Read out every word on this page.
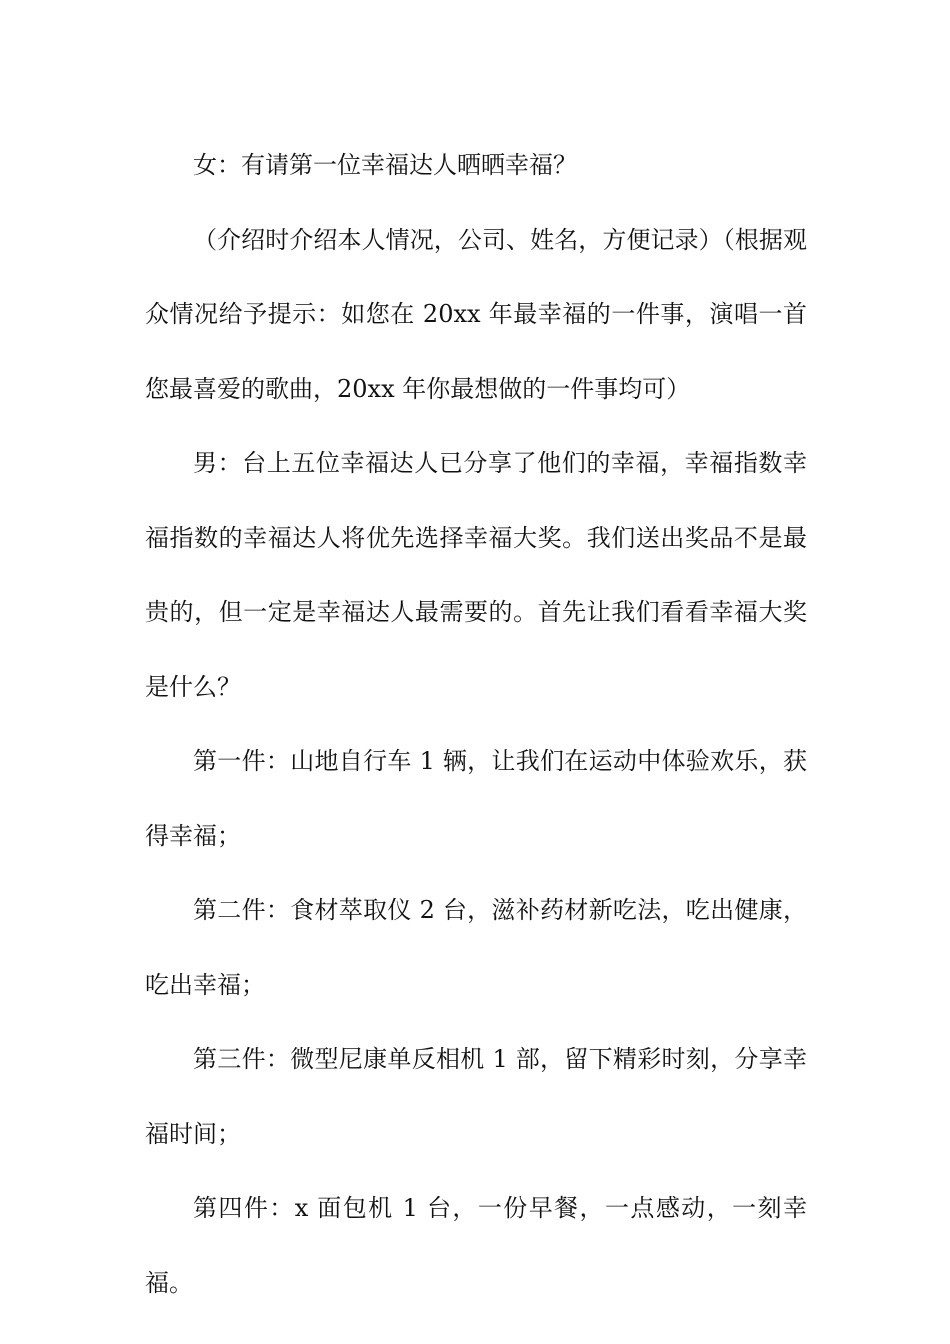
女：有请第一位幸福达人晒晒幸福？

（介绍时介绍本人情况，公司、姓名，方便记录）（根据观众情况给予提示：如您在 20xx 年最幸福的一件事，演唱一首您最喜爱的歌曲，20xx 年你最想做的一件事均可）

男：台上五位幸福达人已分享了他们的幸福，幸福指数幸福指数的幸福达人将优先选择幸福大奖。我们送出奖品不是最贵的，但一定是幸福达人最需要的。首先让我们看看幸福大奖是什么？

第一件：山地自行车 1 辆，让我们在运动中体验欢乐，获得幸福；

第二件：食材萃取仪 2 台，滋补药材新吃法，吃出健康，吃出幸福；

第三件：微型尼康单反相机 1 部，留下精彩时刻，分享幸福时间；

第四件：x 面包机 1 台，一份早餐，一点感动，一刻幸福。
